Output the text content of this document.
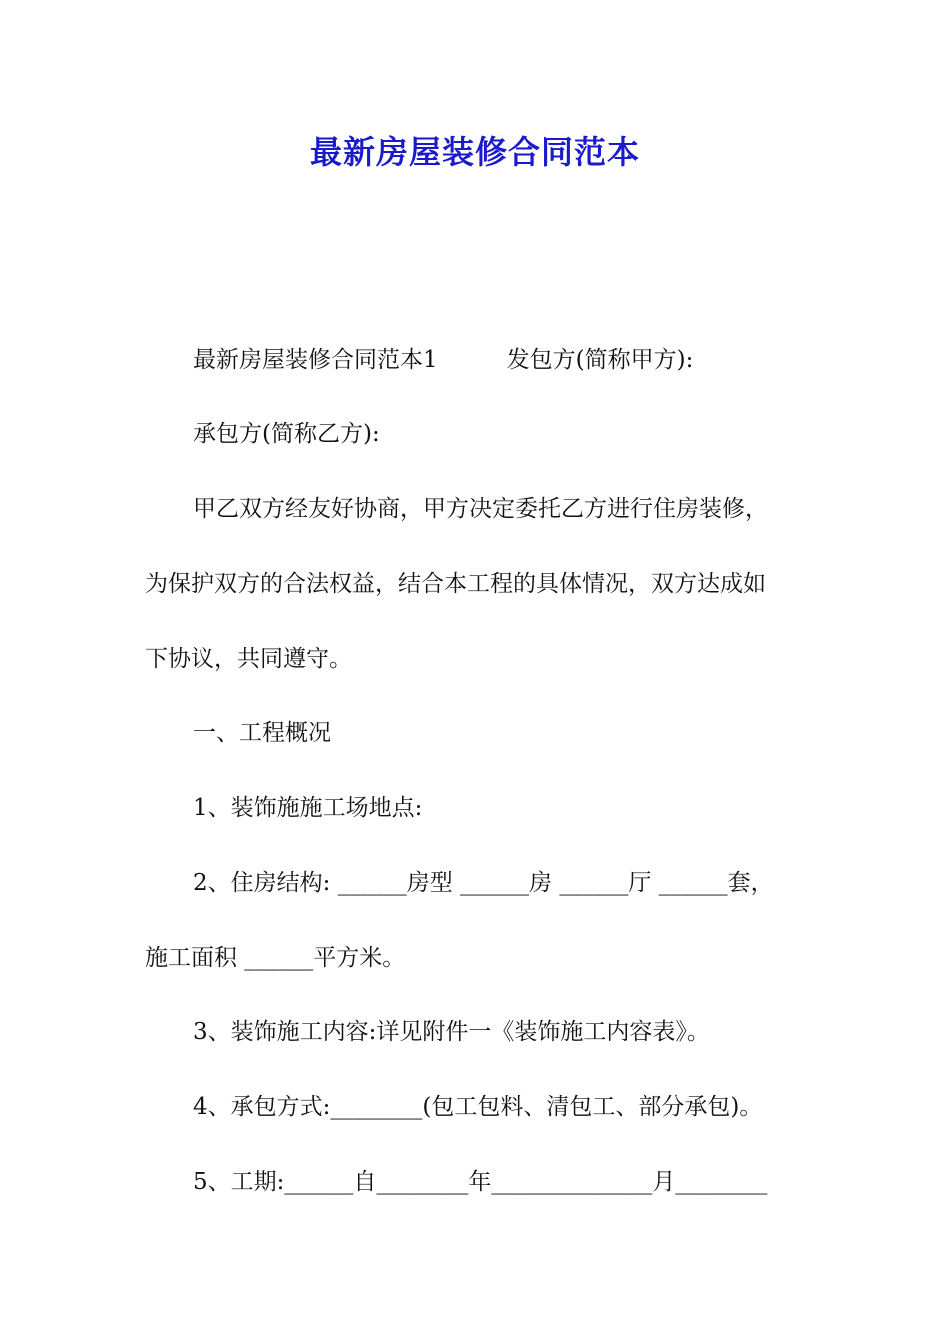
最新房屋装修合同范本
最新房屋装修合同范本1　　　发包方(简称甲方):
承包方(简称乙方):
甲乙双方经友好协商，甲方决定委托乙方进行住房装修，
为保护双方的合法权益，结合本工程的具体情况，双方达成如
下协议，共同遵守。
一、工程概况
1、装饰施施工场地点:
2、住房结构: ______房型 ______房 ______厅 ______套，
施工面积 ______平方米。
3、装饰施工内容:详见附件一《装饰施工内容表》。
4、承包方式:________(包工包料、清包工、部分承包)。
5、工期:______自________年______________月________
